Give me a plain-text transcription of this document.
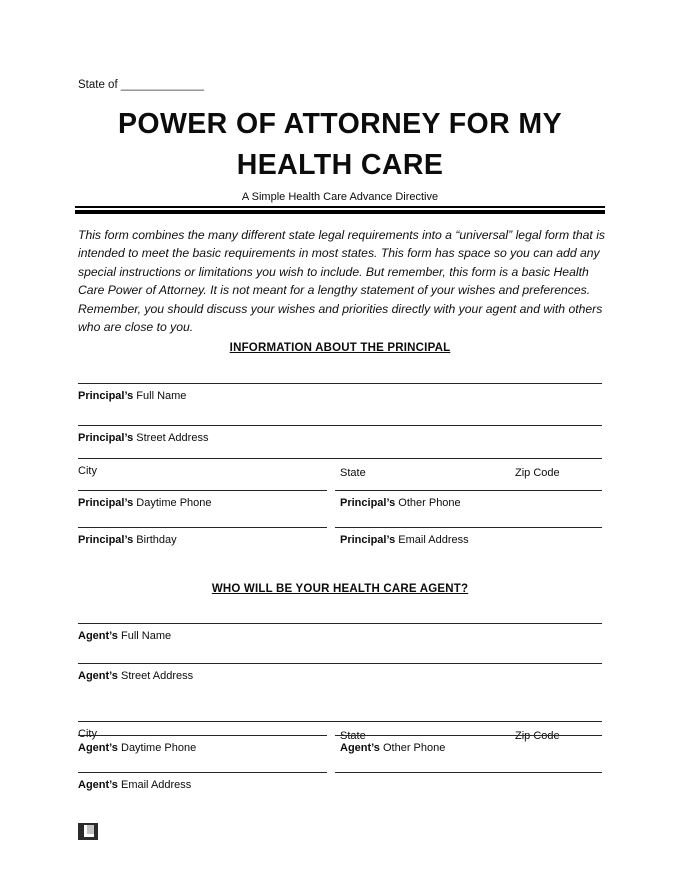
State of _____________
POWER OF ATTORNEY FOR MY
HEALTH CARE
A Simple Health Care Advance Directive
This form combines the many different state legal requirements into a “universal” legal form that is intended to meet the basic requirements in most states. This form has space so you can add any special instructions or limitations you wish to include. But remember, this form is a basic Health Care Power of Attorney. It is not meant for a lengthy statement of your wishes and preferences. Remember, you should discuss your wishes and priorities directly with your agent and with others who are close to you.
INFORMATION ABOUT THE PRINCIPAL
Principal’s Full Name
Principal’s Street Address
City	State	Zip Code
Principal’s Daytime Phone	Principal’s Other Phone
Principal’s Birthday	Principal’s Email Address
WHO WILL BE YOUR HEALTH CARE AGENT?
Agent’s Full Name
Agent’s Street Address
City	State	Zip Code
Agent’s Daytime Phone	Agent’s Other Phone
Agent’s Email Address
